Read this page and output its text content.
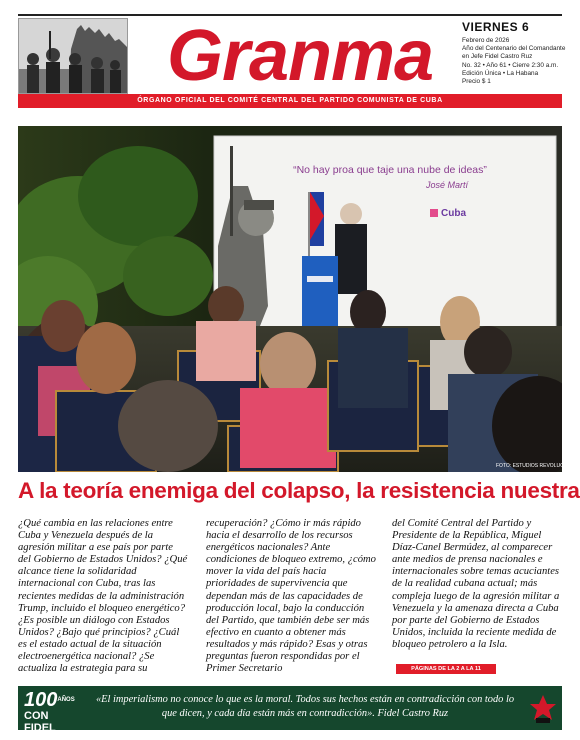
Granma VIERNES 6
Febrero de 2026
Año del Centenario del Comandante
en Jefe Fidel Castro Ruz
No. 32 • Año 61 • Cierre 2:30 a.m.
Edición Única • La Habana
Precio $ 1
ÓRGANO OFICIAL DEL COMITÉ CENTRAL DEL PARTIDO COMUNISTA DE CUBA
“No hay proa que taje una nube de ideas”
José Martí
Cuba
FOTO: ESTUDIOS REVOLUCIÓN
A la teoría enemiga del colapso, la resistencia nuestra

¿Qué cambia en las relaciones entre Cuba y Venezuela después de la agresión militar a ese país por parte del Gobierno de Estados Unidos? ¿Qué alcance tiene la solidaridad internacional con Cuba, tras las recientes medidas de la administración Trump, incluido el bloqueo energético? ¿Es posible un diálogo con Estados Unidos? ¿Bajo qué principios? ¿Cuál es el estado actual de la situación electroenergética nacional? ¿Se actualiza la estrategia para su

recuperación? ¿Cómo ir más rápido hacia el desarrollo de los recursos energéticos nacionales? Ante condiciones de bloqueo extremo, ¿cómo mover la vida del país hacia prioridades de supervivencia que dependan más de las capacidades de producción local, bajo la conducción del Partido, que también debe ser más efectivo en cuanto a obtener más resultados y más rápido? Esas y otras preguntas fueron respondidas por el Primer Secretario

del Comité Central del Partido y Presidente de la República, Miguel Díaz-Canel Bermúdez, al comparecer ante medios de prensa nacionales e internacionales sobre temas acuciantes de la realidad cubana actual; más compleja luego de la agresión militar a Venezuela y la amenaza directa a Cuba por parte del Gobierno de Estados Unidos, incluida la reciente medida de bloqueo petrolero a la Isla.

PÁGINAS DE LA 2 A LA 11
$100^{AÑOS}$
CON FIDEL
«El imperialismo no conoce lo que es la moral. Todos sus hechos están en contradicción con todo lo que dicen, y cada día están más en contradicción». Fidel Castro Ruz
